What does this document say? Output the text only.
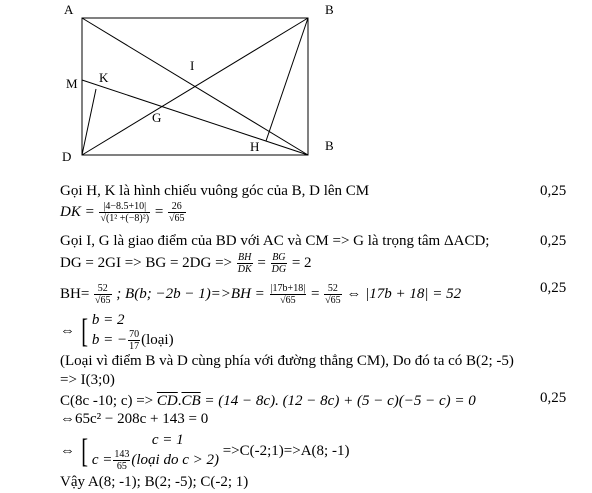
A	B
B
D
M K
I
G
H
Gọi H, K là hình chiếu vuông góc của B, D lên CM	0,25
DK = $\frac{|4-8.5+10|}{\text{√(1² +(−8)²)}} = \frac{26}{√65}$
Gọi I, G là giao điểm của BD với AC và CM => G là trọng tâm ΔACD;	0,25
DG = 2GI => BG = $2DG => \frac{BH}{DK} = \frac{BG}{DG} = 2$
$BH= \frac{52}{√65}$ ; B(b; $-2b - 1)=>BH = \frac{|17b+18|}{√65} = \frac{52}{√65}$ ⇔ |17b + 18| = 52	0,25
⇔ [ b = 2
b = − $\frac{70}{17}$ (loại)
(Loại vì điểm B và D cùng phía với đường thẳng CM), Do đó ta có B(2; -5)
=> I(3;0)
C(8c -10; $c) => \overline{CD}.\overline{CB} = (14 - 8c)$. (12 − 8c) + (5 − c)(−5 − c) = 0	0,25
⇔65c² − 208c + 143 = 0
⇔ [	c = 1
$c = \frac{143}{65}$ (loại do c > 2)
=>C(-2;1)=>A(8; -1)
Vậy A(8; -1); B(2; -5); C(-2; 1)
